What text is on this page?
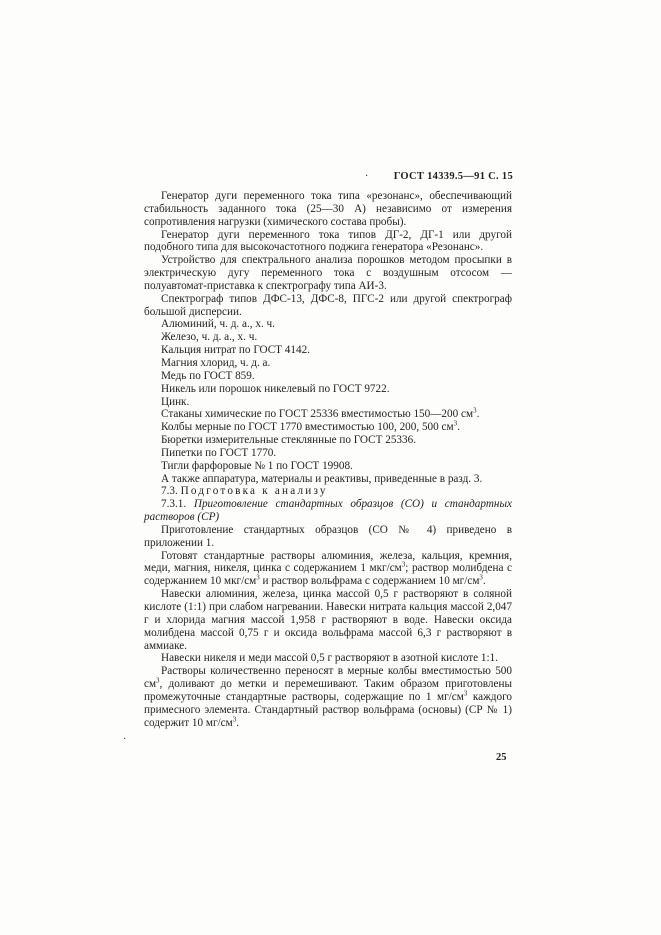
ГОСТ 14339.5—91 С. 15
·
·

Генератор дуги переменного тока типа «резонанс», обеспечивающий стабильность заданного тока (25—30 А) независимо от измерения сопротивления нагрузки (химического состава пробы).

Генератор дуги переменного тока типов ДГ-2, ДГ-1 или другой подобного типа для высокочастотного поджига генератора «Резонанс».

Устройство для спектрального анализа порошков методом просыпки в электрическую дугу переменного тока с воздушным отсосом — полуавтомат-приставка к спектрографу типа АИ-3.

Спектрограф типов ДФС-13, ДФС-8, ПГС-2 или другой спектрограф большой дисперсии.

Алюминий, ч. д. а., х. ч.

Железо, ч. д. а., х. ч.

Кальция нитрат по ГОСТ 4142.

Магния хлорид, ч. д. а.

Медь по ГОСТ 859.

Никель или порошок никелевый по ГОСТ 9722.

Цинк.

Стаканы химические по ГОСТ 25336 вместимостью 150—200 $см^3$.

Колбы мерные по ГОСТ 1770 вместимостью 100, 200, 500 $см^3$.

Бюретки измерительные стеклянные по ГОСТ 25336.

Пипетки по ГОСТ 1770.

Тигли фарфоровые № 1 по ГОСТ 19908.

А также аппаратура, материалы и реактивы, приведенные в разд. 3.

7.3. Подготовка к анализу

7.3.1. Приготовление стандартных образцов (СО) и стандартных растворов (СР)

Приготовление стандартных образцов (СО № 4) приведено в приложении 1.

Готовят стандартные растворы алюминия, железа, кальция, кремния, меди, магния, никеля, цинка с содержанием 1 мкг/$см^3$; раствор молибдена с содержанием 10 мкг/$см^3$ и раствор вольфрама с содержанием 10 $мг/см^3$.

Навески алюминия, железа, цинка массой 0,5 г растворяют в соляной кислоте (1:1) при слабом нагревании. Навески нитрата кальция массой 2,047 г и хлорида магния массой 1,958 г растворяют в воде. Навески оксида молибдена массой 0,75 г и оксида вольфрама массой 6,3 г растворяют в аммиаке.

Навески никеля и меди массой 0,5 г растворяют в азотной кислоте 1:1.

Растворы количественно переносят в мерные колбы вместимостью 500 $см^3$, доливают до метки и перемешивают. Таким образом приготовлены промежуточные стандартные растворы, содержащие по 1 $мг/см^3$ каждого примесного элемента. Стандартный раствор вольфрама (основы) (СР № 1) содержит 10 $мг/см^3$.

25
